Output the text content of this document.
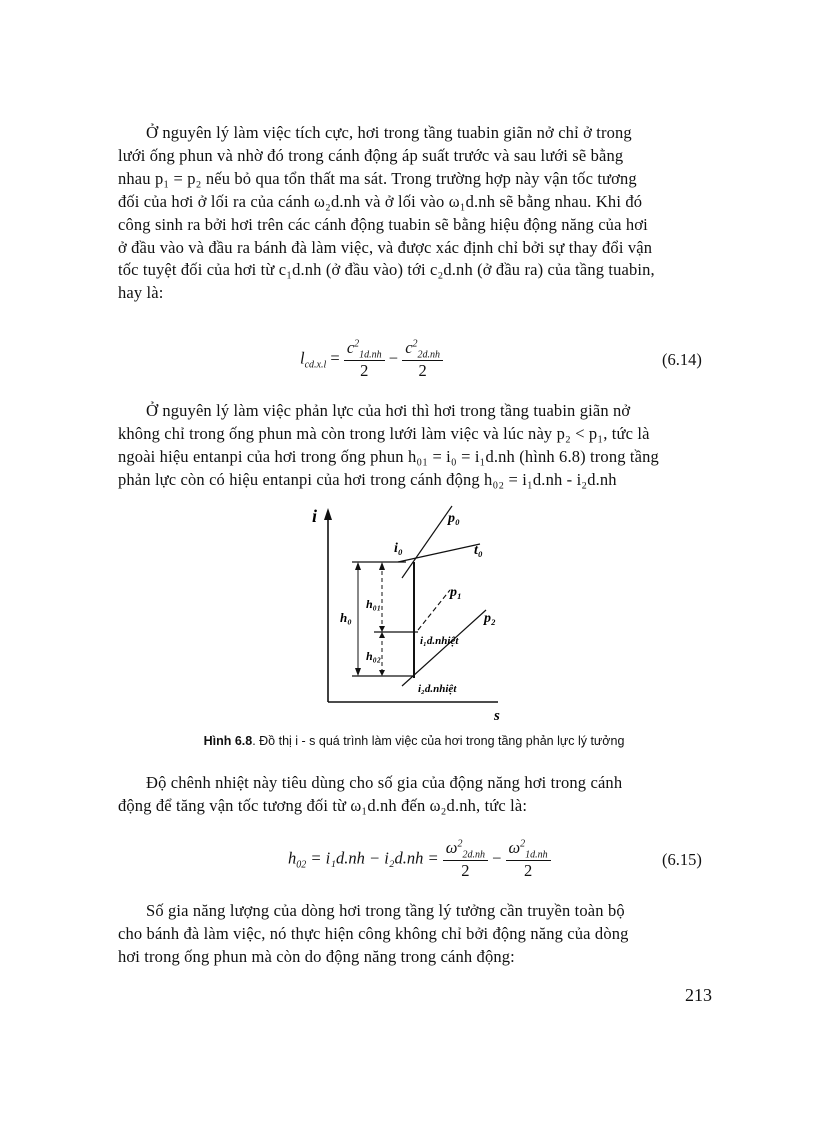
Ở nguyên lý làm việc tích cực, hơi trong tầng tuabin giãn nở chỉ ở trong
lưới ống phun và nhờ đó trong cánh động áp suất trước và sau lưới sẽ bằng
nhau p₁ = p₂ nếu bỏ qua tổn thất ma sát. Trong trường hợp này vận tốc tương
đối của hơi ở lối ra của cánh ω₂d.nh và ở lối vào ω₁d.nh sẽ bằng nhau. Khi đó
công sinh ra bởi hơi trên các cánh động tuabin sẽ bằng hiệu động năng của hơi
ở đầu vào và đầu ra bánh đà làm việc, và được xác định chỉ bởi sự thay đổi vận
tốc tuyệt đối của hơi từ c₁d.nh (ở đầu vào) tới c₂d.nh (ở đầu ra) của tầng tuabin,
hay là:
$l_{cd.x.l} = \frac{c^2_{1d.nh}}{2} - \frac{c^2_{2d.nh}}{2}$	(6.14)
Ở nguyên lý làm việc phản lực của hơi thì hơi trong tầng tuabin giãn nở
không chỉ trong ống phun mà còn trong lưới làm việc và lúc này p₂ < p₁, tức là
ngoài hiệu entanpi của hơi trong ống phun h₀₁ = i₀ = i₁d.nh (hình 6.8) trong tầng
phản lực còn có hiệu entanpi của hơi trong cánh động h₀₂ = i₁d.nh - i₂d.nh
i
s
p₀
t₀
i₀
p₁
p₂
h₀₁
h₀
h₀₂
i₁d.nhiệt
i₂d.nhiệt
Hình 6.8. Đồ thị i - s quá trình làm việc của hơi trong tầng phản lực lý tưởng
Độ chênh nhiệt này tiêu dùng cho số gia của động năng hơi trong cánh
động để tăng vận tốc tương đối từ ω₁d.nh đến ω₂d.nh, tức là:
$h_{02} = i_1d.nh - i_2d.nh = \frac{\omega^2_{2d.nh}}{2} - \frac{\omega^2_{1d.nh}}{2}$	(6.15)
Số gia năng lượng của dòng hơi trong tầng lý tưởng cần truyền toàn bộ
cho bánh đà làm việc, nó thực hiện công không chỉ bởi động năng của dòng
hơi trong ống phun mà còn do động năng trong cánh động:
213
